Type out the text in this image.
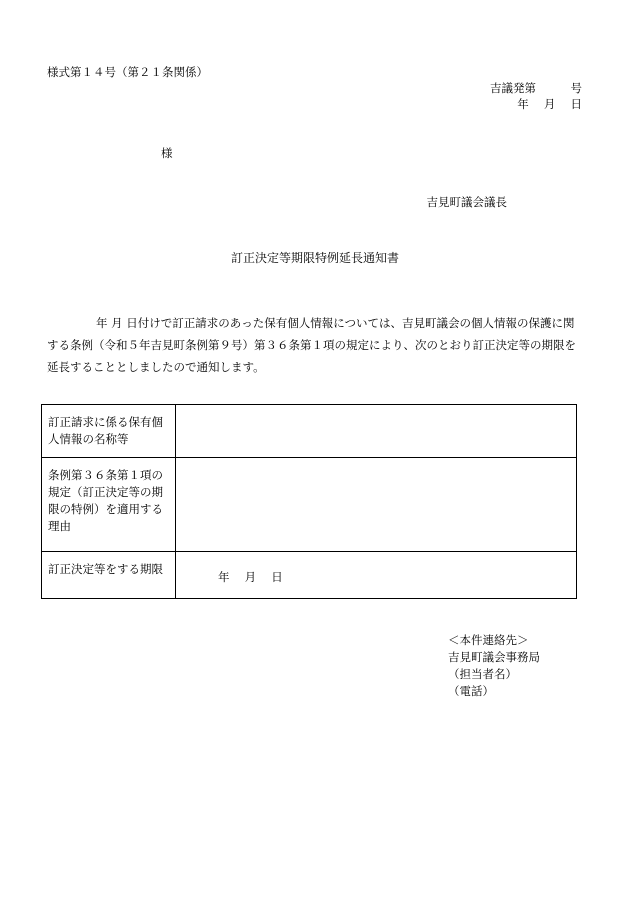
様式第１４号（第２１条関係）
吉議発第　　　号
年　 月　 日
様
吉見町議会議長
訂正決定等期限特例延長通知書
年 月 日付けで訂正請求のあった保有個人情報については、吉見町議会の個人情報の保護に関する条例（令和５年吉見町条例第９号）第３６条第１項の規定により、次のとおり訂正決定等の期限を延長することとしましたので通知します。
訂正請求に係る保有個人情報の名称等	
条例第３６条第１項の規定（訂正決定等の期限の特例）を適用する理由	
訂正決定等をする期限	年　 月　 日
＜本件連絡先＞
吉見町議会事務局
（担当者名）
（電話）
